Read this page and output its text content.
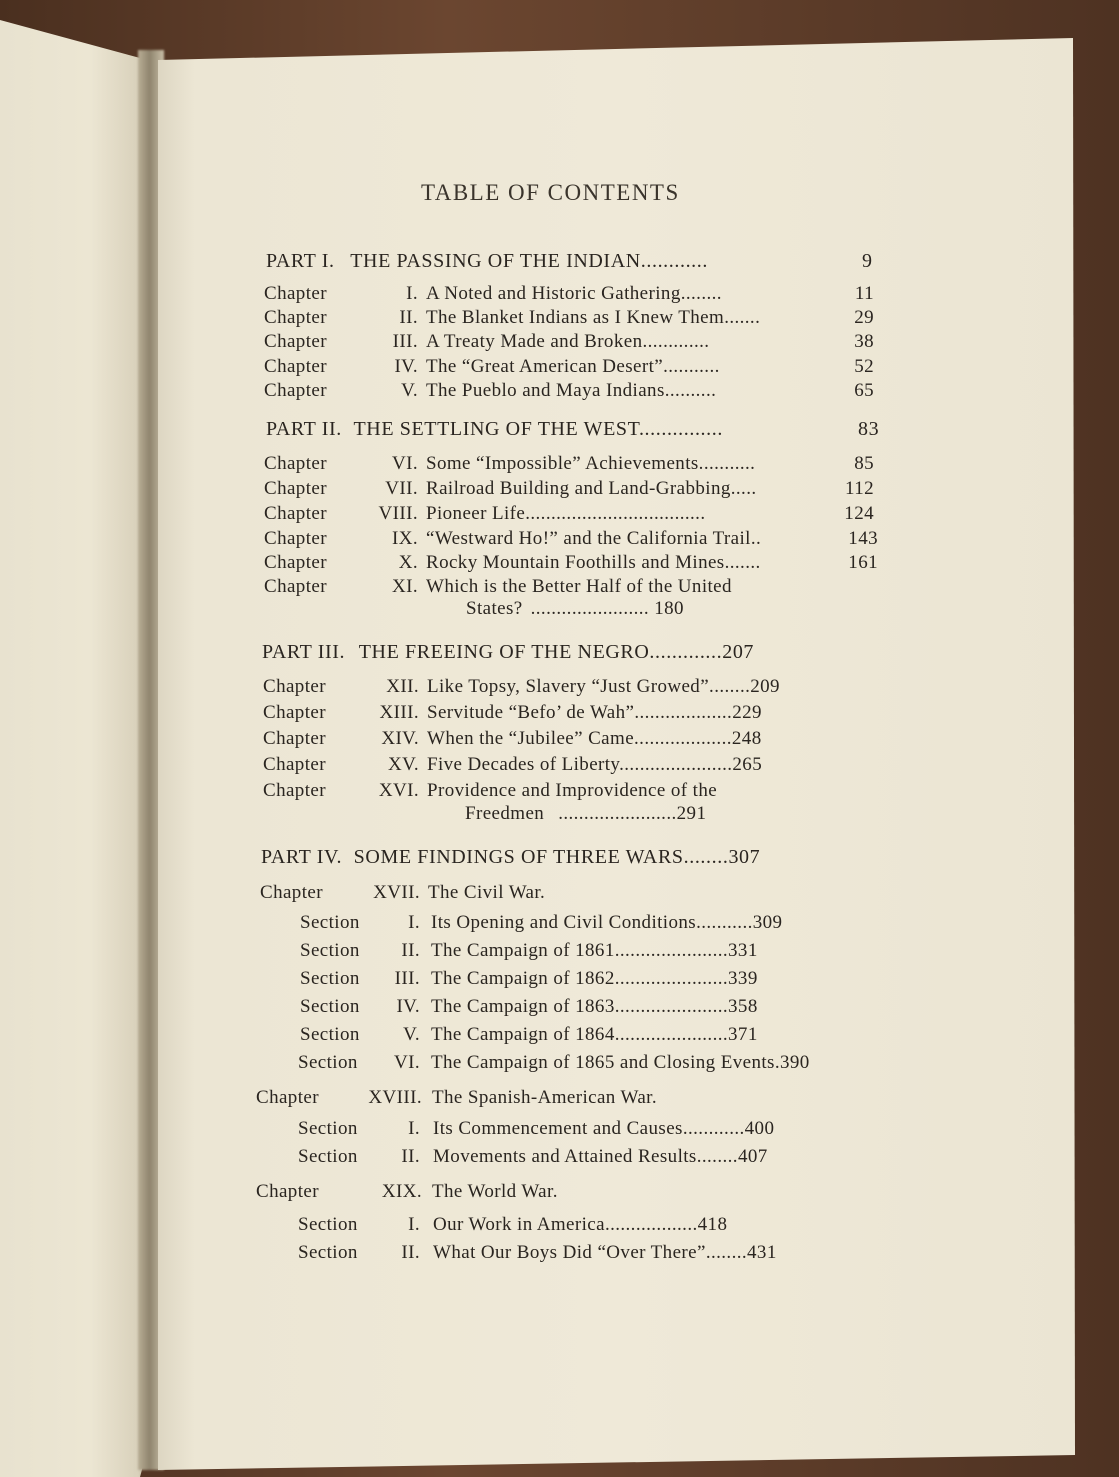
TABLE OF CONTENTS
PART I. THE PASSING OF THE INDIAN............	9
Chapter	I. A Noted and Historic Gathering........	11
Chapter	II. The Blanket Indians as I Knew Them.......	29
Chapter	III. A Treaty Made and Broken.............	38
Chapter	IV. The “Great American Desert”...........	52
Chapter	V. The Pueblo and Maya Indians..........	65
PART II. THE SETTLING OF THE WEST...............	83
Chapter	VI. Some “Impossible” Achievements...........	85
Chapter	VII. Railroad Building and Land-Grabbing.....	112
Chapter	VIII. Pioneer Life...................................	124
Chapter	IX. “Westward Ho!” and the California Trail..	143
Chapter	X. Rocky Mountain Foothills and Mines.......	161
Chapter	XI. Which is the Better Half of the United
States? ....................... 180
PART III. THE FREEING OF THE NEGRO.............207
Chapter	XII. Like Topsy, Slavery “Just Growed”........209
Chapter	XIII. Servitude “Befo’ de Wah”...................229
Chapter	XIV. When the “Jubilee” Came...................248
Chapter	XV. Five Decades of Liberty......................265
Chapter	XVI. Providence and Improvidence of the
Freedmen .......................291
PART IV. SOME FINDINGS OF THREE WARS........307
Chapter	XVII. The Civil War.
Section	I. Its Opening and Civil Conditions...........309
Section	II. The Campaign of 1861......................331
Section	III. The Campaign of 1862......................339
Section	IV. The Campaign of 1863......................358
Section	V. The Campaign of 1864......................371
Section	VI. The Campaign of 1865 and Closing Events.390
Chapter	XVIII. The Spanish-American War.
Section	I. Its Commencement and Causes............400
Section	II. Movements and Attained Results........407
Chapter	XIX. The World War.
Section	I. Our Work in America..................418
Section	II. What Our Boys Did “Over There”........431
